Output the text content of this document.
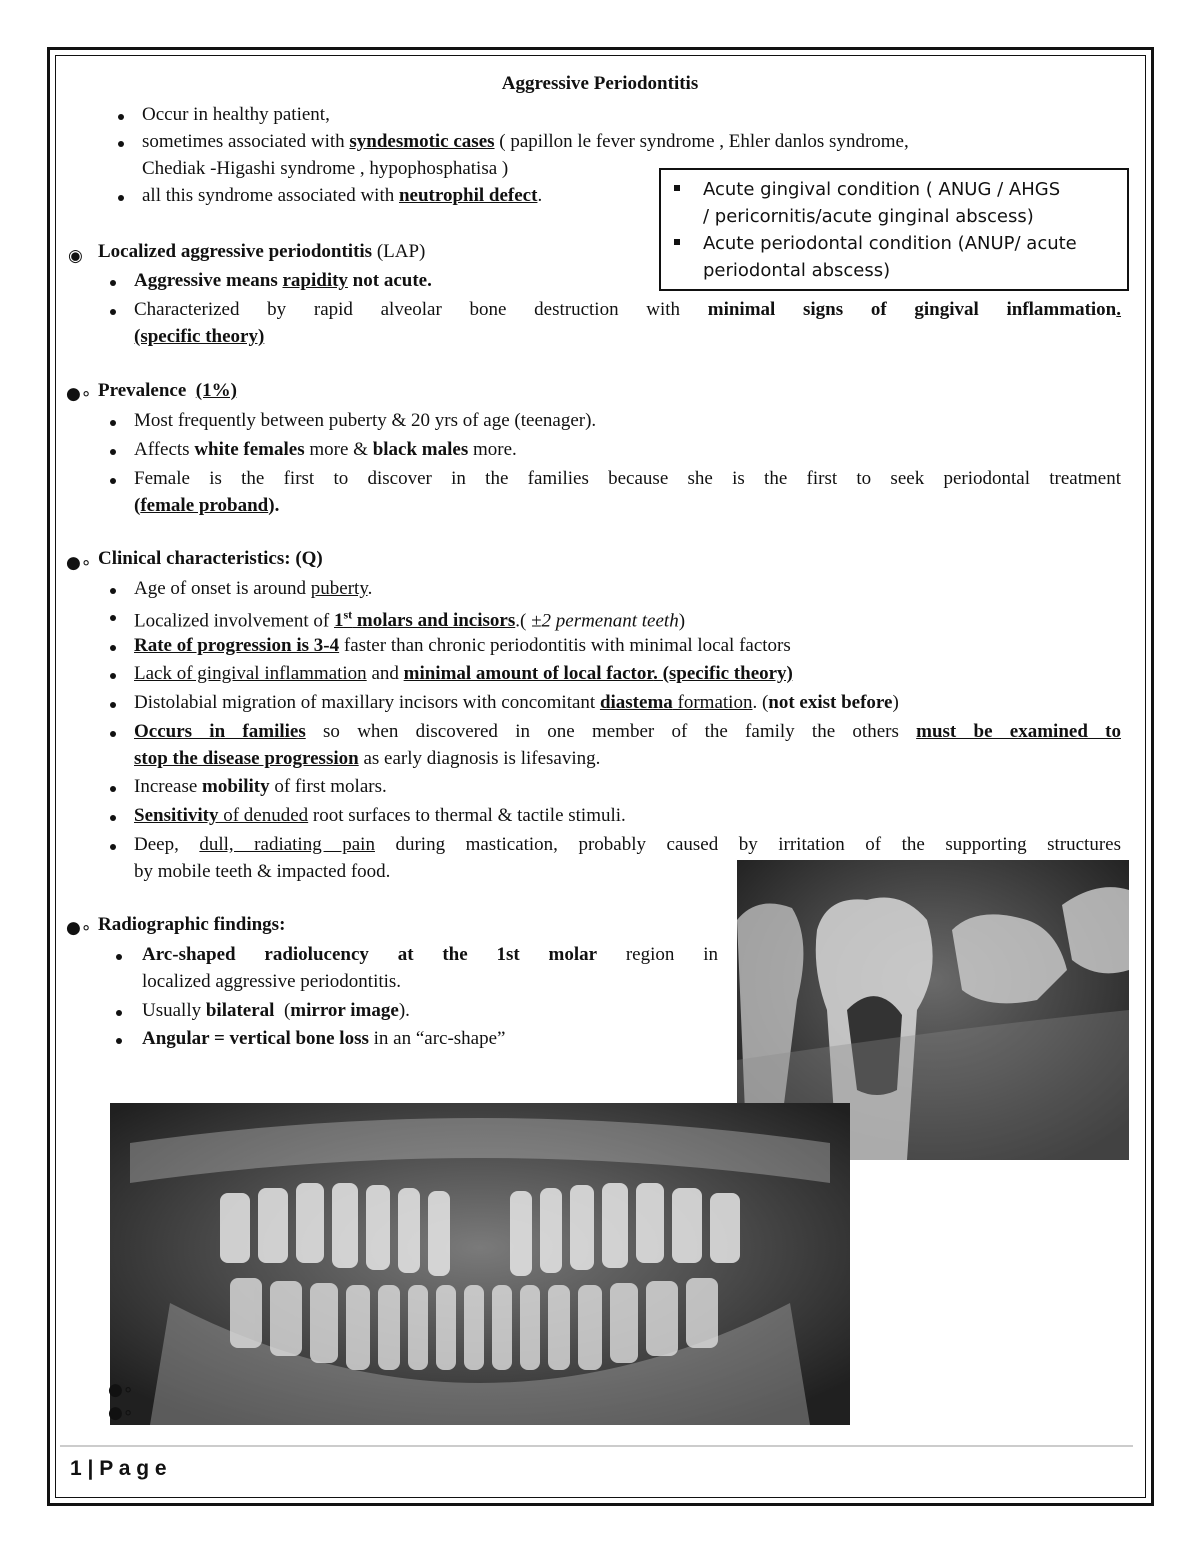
Aggressive Periodontitis
Occur in healthy patient,
sometimes associated with syndesmotic cases ( papillon le fever syndrome , Ehler danlos syndrome,
Chediak -Higashi syndrome , hypophosphatisa )
all this syndrome associated with neutrophil defect.	Acute gingival condition ( ANUG / AHGS
/ pericornitis/acute ginginal abscess)
Acute periodontal condition (ANUP/ acute
periodontal abscess)
◉ Localized aggressive periodontitis (LAP)
Aggressive means rapidity not acute.
Characterized by rapid alveolar bone destruction with minimal signs of gingival inflammation.
(specific theory)
●∘ Prevalence (1%)
Most frequently between puberty & 20 yrs of age (teenager).
Affects white females more & black males more.
Female is the first to discover in the families because she is the first to seek periodontal treatment
(female proband).
●∘ Clinical characteristics: (Q)
Age of onset is around puberty.
Localized involvement of 1st molars and incisors.( ±2 permenant teeth)
Rate of progression is 3-4 faster than chronic periodontitis with minimal local factors
Lack of gingival inflammation and minimal amount of local factor. (specific theory)
Distolabial migration of maxillary incisors with concomitant diastema formation. (not exist before)
Occurs in families so when discovered in one member of the family the others must be examined to
stop the disease progression as early diagnosis is lifesaving.
Increase mobility of first molars.
Sensitivity of denuded root surfaces to thermal & tactile stimuli.
Deep, dull, radiating pain during mastication, probably caused by irritation of the supporting structures
by mobile teeth & impacted food.
●∘ Radiographic findings:
Arc-shaped radiolucency at the 1st molar region in
localized aggressive periodontitis.
Usually bilateral  (mirror image).
Angular = vertical bone loss in an “arc-shape”
●∘
●∘
1 | P a g e
